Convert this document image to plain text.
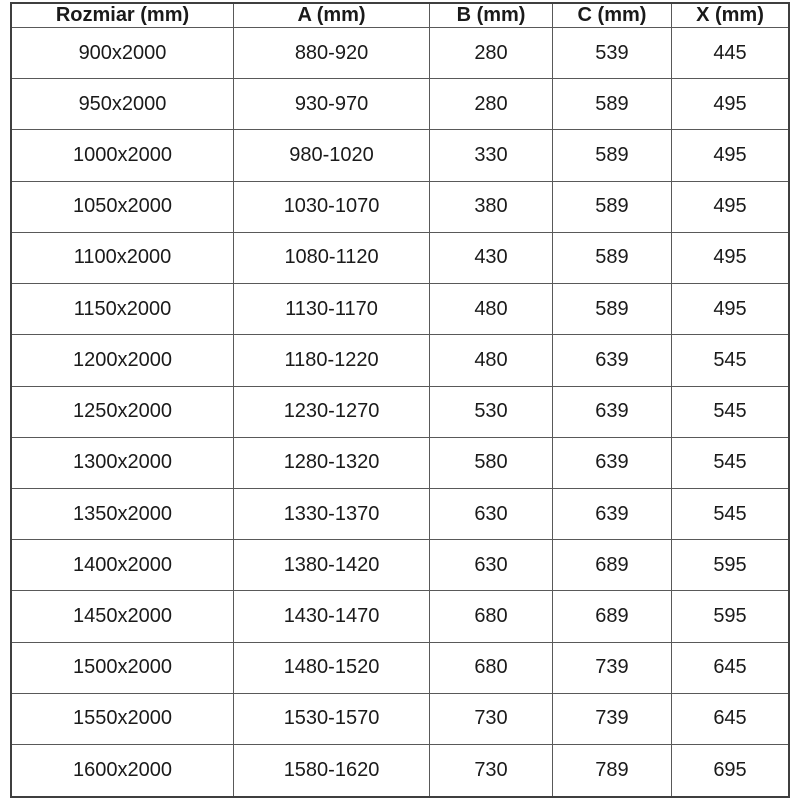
Rozmiar (mm)	A (mm)	B (mm)	C (mm)	X (mm)
900x2000	880-920	280	539	445
950x2000	930-970	280	589	495
1000x2000	980-1020	330	589	495
1050x2000	1030-1070	380	589	495
1100x2000	1080-1120	430	589	495
1150x2000	1130-1170	480	589	495
1200x2000	1180-1220	480	639	545
1250x2000	1230-1270	530	639	545
1300x2000	1280-1320	580	639	545
1350x2000	1330-1370	630	639	545
1400x2000	1380-1420	630	689	595
1450x2000	1430-1470	680	689	595
1500x2000	1480-1520	680	739	645
1550x2000	1530-1570	730	739	645
1600x2000	1580-1620	730	789	695
